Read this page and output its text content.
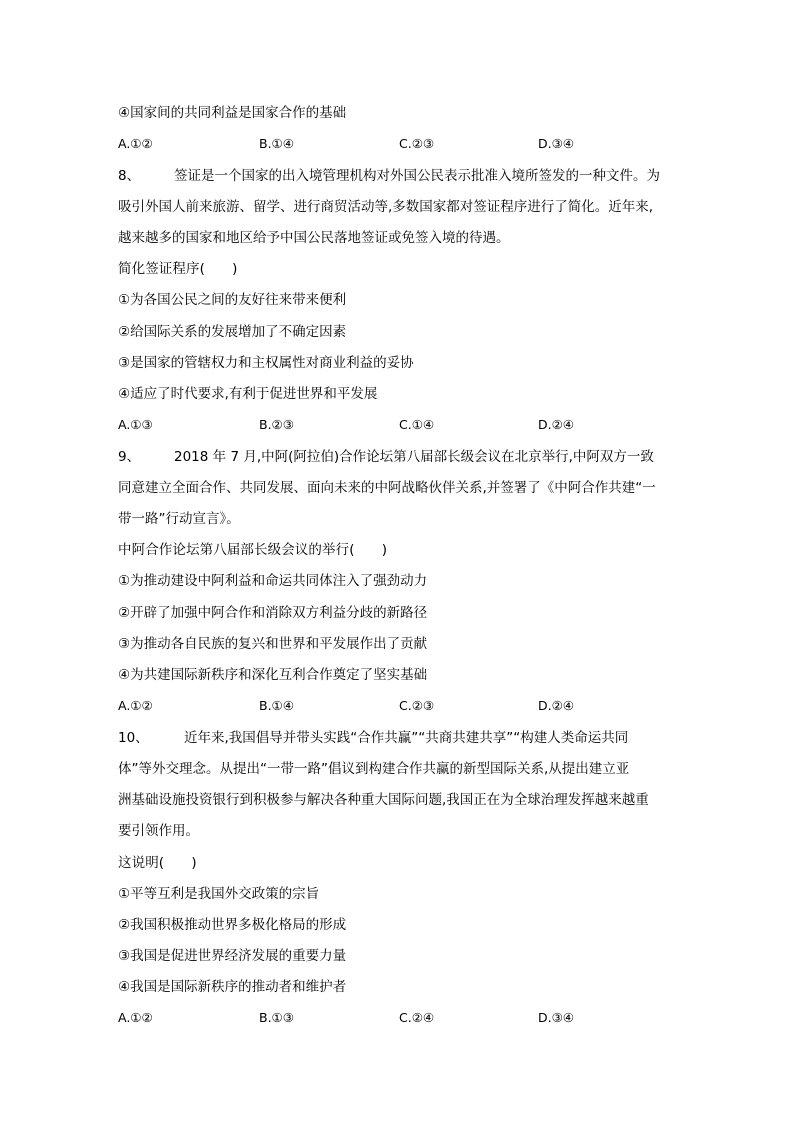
④国家间的共同利益是国家合作的基础
A.①②	B.①④	C.②③	D.③④
8、	签证是一个国家的出入境管理机构对外国公民表示批准入境所签发的一种文件。为
吸引外国人前来旅游、留学、进行商贸活动等,多数国家都对签证程序进行了简化。近年来,
越来越多的国家和地区给予中国公民落地签证或免签入境的待遇。
简化签证程序(　　)
①为各国公民之间的友好往来带来便利
②给国际关系的发展增加了不确定因素
③是国家的管辖权力和主权属性对商业利益的妥协
④适应了时代要求,有利于促进世界和平发展
A.①③	B.②③	C.①④	D.②④
9、	2018 年 7 月,中阿(阿拉伯)合作论坛第八届部长级会议在北京举行,中阿双方一致
同意建立全面合作、共同发展、面向未来的中阿战略伙伴关系,并签署了《中阿合作共建“一
带一路”行动宣言》。
中阿合作论坛第八届部长级会议的举行(　　)
①为推动建设中阿利益和命运共同体注入了强劲动力
②开辟了加强中阿合作和消除双方利益分歧的新路径
③为推动各自民族的复兴和世界和平发展作出了贡献
④为共建国际新秩序和深化互利合作奠定了坚实基础
A.①②	B.①④	C.②③	D.②④
10、	近年来,我国倡导并带头实践“合作共赢”“共商共建共享”“构建人类命运共同
体”等外交理念。从提出“一带一路”倡议到构建合作共赢的新型国际关系,从提出建立亚
洲基础设施投资银行到积极参与解决各种重大国际问题,我国正在为全球治理发挥越来越重
要引领作用。
这说明(　　)
①平等互利是我国外交政策的宗旨
②我国积极推动世界多极化格局的形成
③我国是促进世界经济发展的重要力量
④我国是国际新秩序的推动者和维护者
A.①②	B.①③	C.②④	D.③④
